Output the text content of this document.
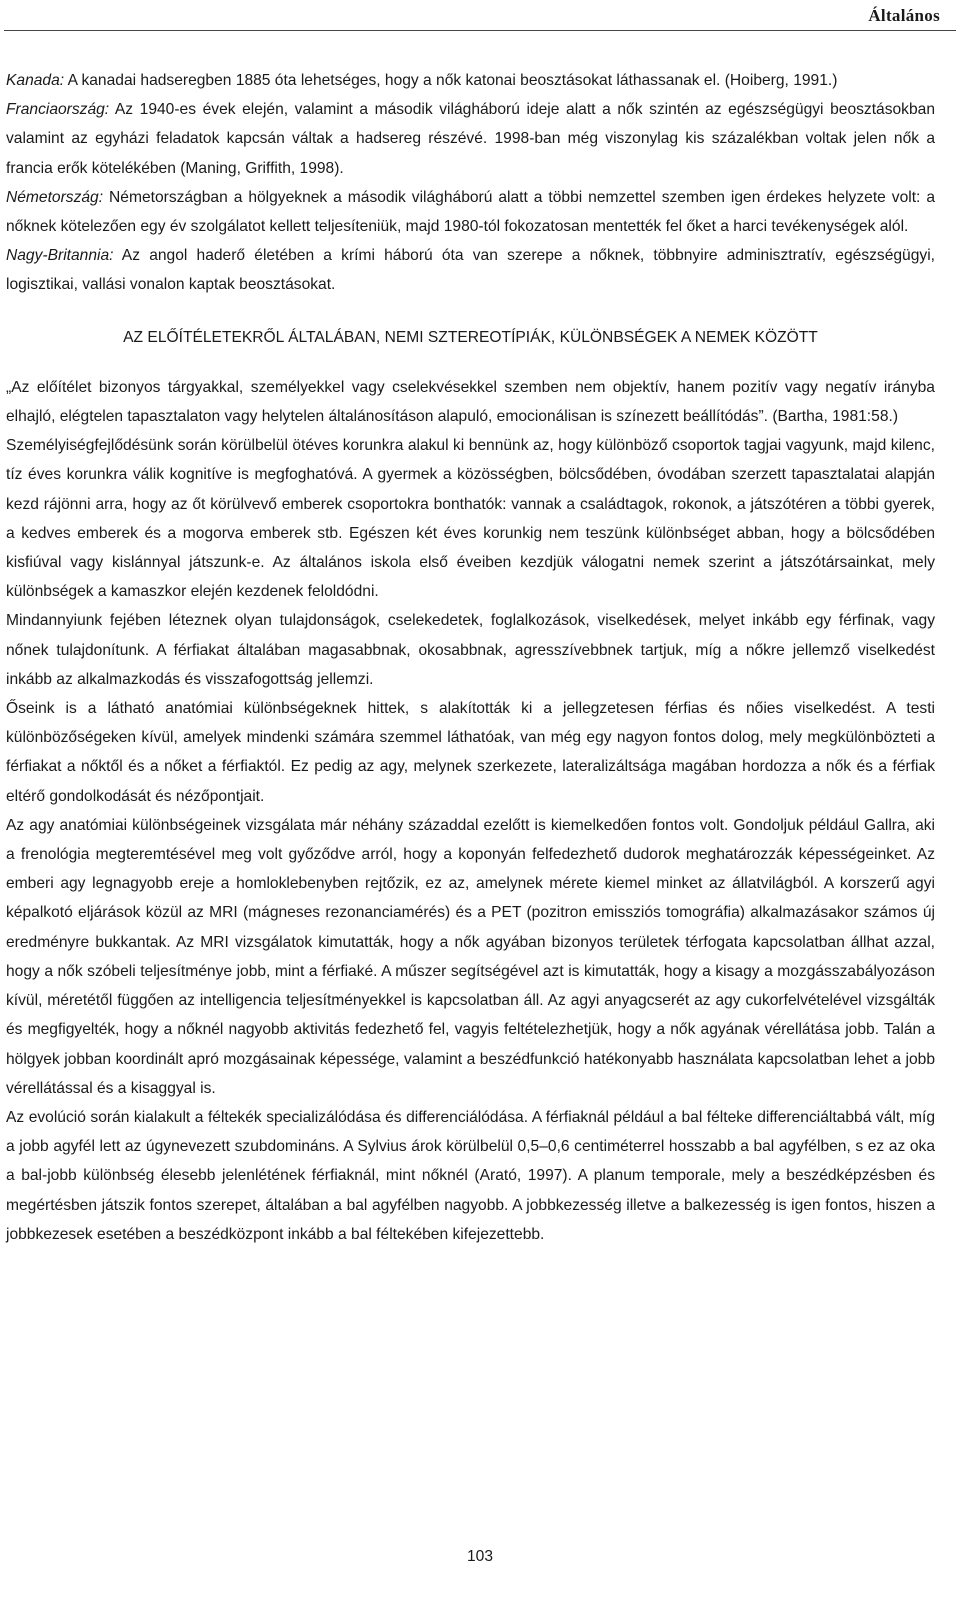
Általános

Kanada: A kanadai hadseregben 1885 óta lehetséges, hogy a nők katonai beosztásokat láthassanak el. (Hoiberg, 1991.)

Franciaország: Az 1940-es évek elején, valamint a második világháború ideje alatt a nők szintén az egészségügyi beosztásokban valamint az egyházi feladatok kapcsán váltak a hadsereg részévé. 1998-ban még viszonylag kis százalékban voltak jelen nők a francia erők kötelékében (Maning, Griffith, 1998).

Németország: Németországban a hölgyeknek a második világháború alatt a többi nemzettel szemben igen érdekes helyzete volt: a nőknek kötelezően egy év szolgálatot kellett teljesíteniük, majd 1980-tól fokozatosan mentették fel őket a harci tevékenységek alól.

Nagy-Britannia: Az angol haderő életében a krími háború óta van szerepe a nőknek, többnyire adminisztratív, egészségügyi, logisztikai, vallási vonalon kaptak beosztásokat.

AZ ELŐÍTÉLETEKRŐL ÁLTALÁBAN, NEMI SZTEREOTÍPIÁK, KÜLÖNBSÉGEK A NEMEK KÖZÖTT

„Az előítélet bizonyos tárgyakkal, személyekkel vagy cselekvésekkel szemben nem objektív, hanem pozitív vagy negatív irányba elhajló, elégtelen tapasztalaton vagy helytelen általánosításon alapuló, emocionálisan is színezett beállítódás”. (Bartha, 1981:58.)

Személyiségfejlődésünk során körülbelül ötéves korunkra alakul ki bennünk az, hogy különböző csoportok tagjai vagyunk, majd kilenc, tíz éves korunkra válik kognitíve is megfoghatóvá. A gyermek a közösségben, bölcsődében, óvodában szerzett tapasztalatai alapján kezd rájönni arra, hogy az őt körülvevő emberek csoportokra bonthatók: vannak a családtagok, rokonok, a játszótéren a többi gyerek, a kedves emberek és a mogorva emberek stb. Egészen két éves korunkig nem teszünk különbséget abban, hogy a bölcsődében kisfiúval vagy kislánnyal játszunk-e. Az általános iskola első éveiben kezdjük válogatni nemek szerint a játszótársainkat, mely különbségek a kamaszkor elején kezdenek feloldódni.

Mindannyiunk fejében léteznek olyan tulajdonságok, cselekedetek, foglalkozások, viselkedések, melyet inkább egy férfinak, vagy nőnek tulajdonítunk. A férfiakat általában magasabbnak, okosabbnak, agresszívebbnek tartjuk, míg a nőkre jellemző viselkedést inkább az alkalmazkodás és visszafogottság jellemzi.

Őseink is a látható anatómiai különbségeknek hittek, s alakították ki a jellegzetesen férfias és nőies viselkedést. A testi különbözőségeken kívül, amelyek mindenki számára szemmel láthatóak, van még egy nagyon fontos dolog, mely megkülönbözteti a férfiakat a nőktől és a nőket a férfiaktól. Ez pedig az agy, melynek szerkezete, lateralizáltsága magában hordozza a nők és a férfiak eltérő gondolkodását és nézőpontjait.

Az agy anatómiai különbségeinek vizsgálata már néhány századdal ezelőtt is kiemelkedően fontos volt. Gondoljuk például Gallra, aki a frenológia megteremtésével meg volt győződve arról, hogy a koponyán felfedezhető dudorok meghatározzák képességeinket. Az emberi agy legnagyobb ereje a homloklebenyben rejtőzik, ez az, amelynek mérete kiemel minket az állatvilágból. A korszerű agyi képalkotó eljárások közül az MRI (mágneses rezonanciamérés) és a PET (pozitron emissziós tomográfia) alkalmazásakor számos új eredményre bukkantak. Az MRI vizsgálatok kimutatták, hogy a nők agyában bizonyos területek térfogata kapcsolatban állhat azzal, hogy a nők szóbeli teljesítménye jobb, mint a férfiaké. A műszer segítségével azt is kimutatták, hogy a kisagy a mozgásszabályozáson kívül, méretétől függően az intelligencia teljesítményekkel is kapcsolatban áll. Az agyi anyagcserét az agy cukorfelvételével vizsgálták és megfigyelték, hogy a nőknél nagyobb aktivitás fedezhető fel, vagyis feltételezhetjük, hogy a nők agyának vérellátása jobb. Talán a hölgyek jobban koordinált apró mozgásainak képessége, valamint a beszédfunkció hatékonyabb használata kapcsolatban lehet a jobb vérellátással és a kisaggyal is.

Az evolúció során kialakult a féltekék specializálódása és differenciálódása. A férfiaknál például a bal félteke differenciáltabbá vált, míg a jobb agyfél lett az úgynevezett szubdomináns. A Sylvius árok körülbelül 0,5–0,6 centiméterrel hosszabb a bal agyfélben, s ez az oka a bal-jobb különbség élesebb jelenlétének férfiaknál, mint nőknél (Arató, 1997). A planum temporale, mely a beszédképzésben és megértésben játszik fontos szerepet, általában a bal agyfélben nagyobb. A jobbkezesség illetve a balkezesség is igen fontos, hiszen a jobbkezesek esetében a beszédközpont inkább a bal féltekében kifejezettebb.

103
